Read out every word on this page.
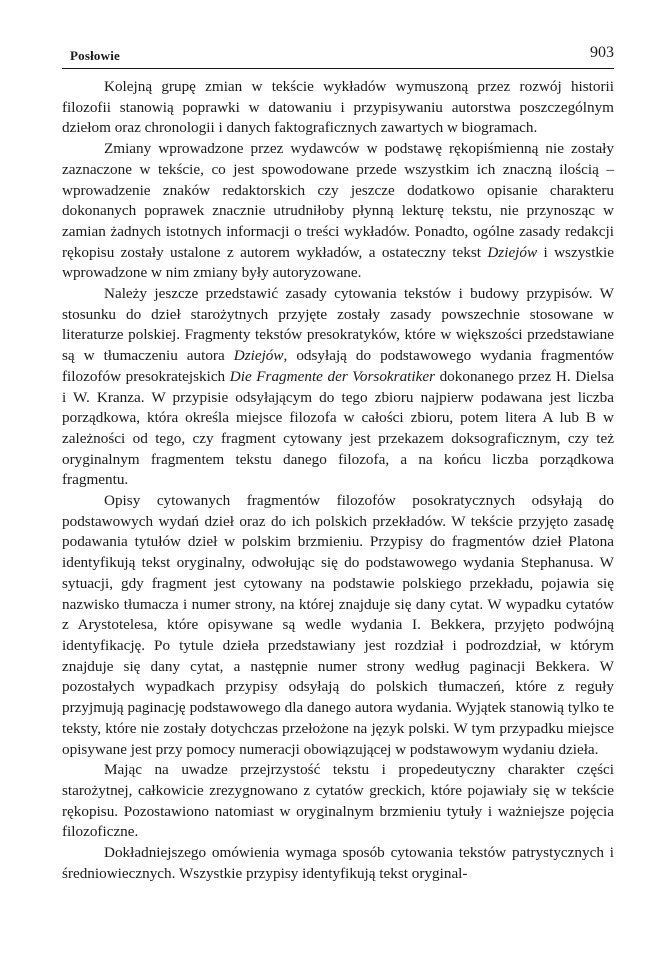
Posłowie	903

Kolejną grupę zmian w tekście wykładów wymuszoną przez rozwój historii filozofii stanowią poprawki w datowaniu i przypisywaniu autorstwa poszczególnym dziełom oraz chronologii i danych faktograficznych zawartych w biogramach.

Zmiany wprowadzone przez wydawców w podstawę rękopiśmienną nie zostały zaznaczone w tekście, co jest spowodowane przede wszystkim ich znaczną ilością – wprowadzenie znaków redaktorskich czy jeszcze dodatkowo opisanie charakteru dokonanych poprawek znacznie utrudniłoby płynną lekturę tekstu, nie przynosząc w zamian żadnych istotnych informacji o treści wykładów. Ponadto, ogólne zasady redakcji rękopisu zostały ustalone z autorem wykładów, a ostateczny tekst Dziejów i wszystkie wprowadzone w nim zmiany były autoryzowane.

Należy jeszcze przedstawić zasady cytowania tekstów i budowy przypisów. W stosunku do dzieł starożytnych przyjęte zostały zasady powszechnie stosowane w literaturze polskiej. Fragmenty tekstów presokratyków, które w większości przedstawiane są w tłumaczeniu autora Dziejów, odsyłają do podstawowego wydania fragmentów filozofów presokratejskich Die Fragmente der Vorsokratiker dokonanego przez H. Dielsa i W. Kranza. W przypisie odsyłającym do tego zbioru najpierw podawana jest liczba porządkowa, która określa miejsce filozofa w całości zbioru, potem litera A lub B w zależności od tego, czy fragment cytowany jest przekazem doksograficznym, czy też oryginalnym fragmentem tekstu danego filozofa, a na końcu liczba porządkowa fragmentu.

Opisy cytowanych fragmentów filozofów posokratycznych odsyłają do podstawowych wydań dzieł oraz do ich polskich przekładów. W tekście przyjęto zasadę podawania tytułów dzieł w polskim brzmieniu. Przypisy do fragmentów dzieł Platona identyfikują tekst oryginalny, odwołując się do podstawowego wydania Stephanusa. W sytuacji, gdy fragment jest cytowany na podstawie polskiego przekładu, pojawia się nazwisko tłumacza i numer strony, na której znajduje się dany cytat. W wypadku cytatów z Arystotelesa, które opisywane są wedle wydania I. Bekkera, przyjęto podwójną identyfikację. Po tytule dzieła przedstawiany jest rozdział i podrozdział, w którym znajduje się dany cytat, a następnie numer strony według paginacji Bekkera. W pozostałych wypadkach przypisy odsyłają do polskich tłumaczeń, które z reguły przyjmują paginację podstawowego dla danego autora wydania. Wyjątek stanowią tylko te teksty, które nie zostały dotychczas przełożone na język polski. W tym przypadku miejsce opisywane jest przy pomocy numeracji obowiązującej w podstawowym wydaniu dzieła.

Mając na uwadze przejrzystość tekstu i propedeutyczny charakter części starożytnej, całkowicie zrezygnowano z cytatów greckich, które pojawiały się w tekście rękopisu. Pozostawiono natomiast w oryginalnym brzmieniu tytuły i ważniejsze pojęcia filozoficzne.

Dokładniejszego omówienia wymaga sposób cytowania tekstów patrystycznych i średniowiecznych. Wszystkie przypisy identyfikują tekst oryginal-
